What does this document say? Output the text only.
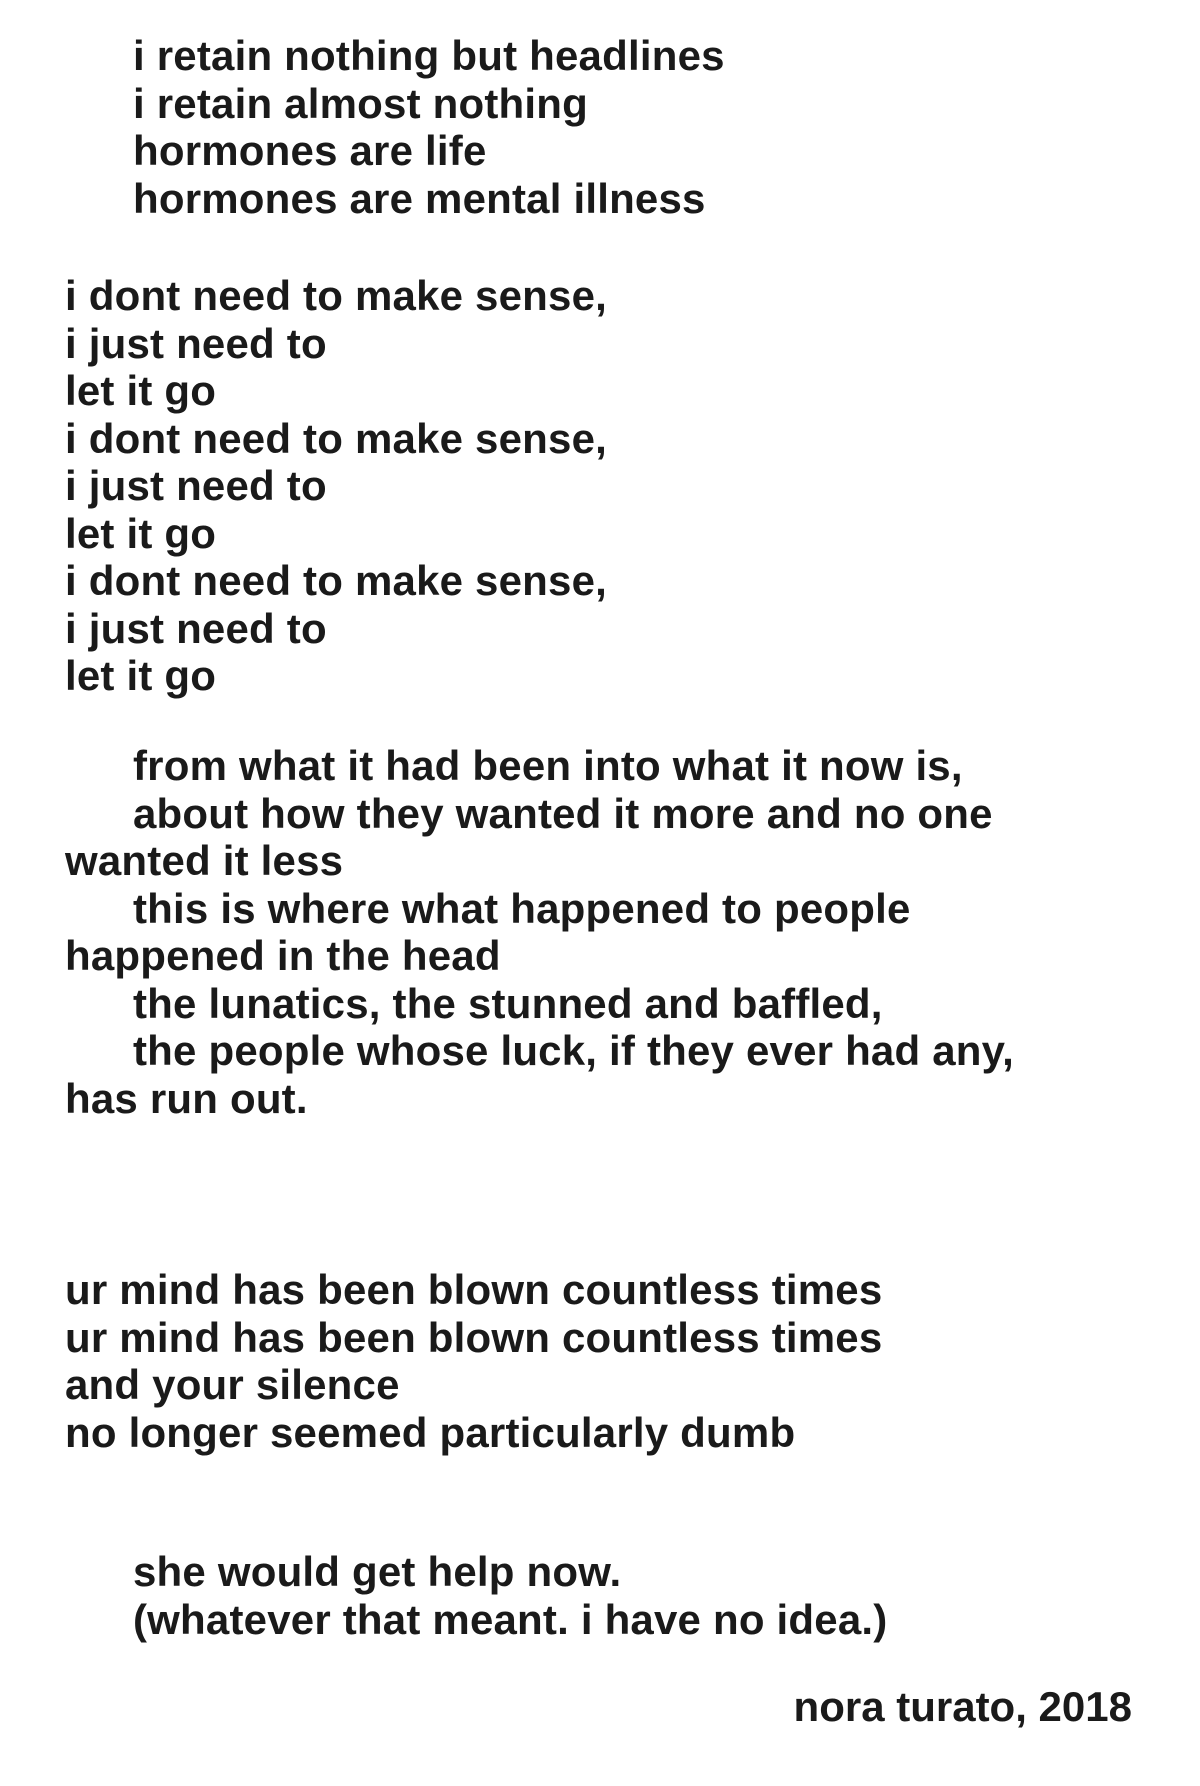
i retain nothing but headlines
i retain almost nothing
hormones are life
hormones are mental illness
i dont need to make sense,
i just need to
let it go
i dont need to make sense,
i just need to
let it go
i dont need to make sense,
i just need to
let it go
from what it had been into what it now is,
about how they wanted it more and no one
wanted it less
this is where what happened to people
happened in the head
the lunatics, the stunned and baffled,
the people whose luck, if they ever had any,
has run out.
ur mind has been blown countless times
ur mind has been blown countless times
and your silence
no longer seemed particularly dumb
she would get help now.
(whatever that meant. i have no idea.)
nora turato, 2018
